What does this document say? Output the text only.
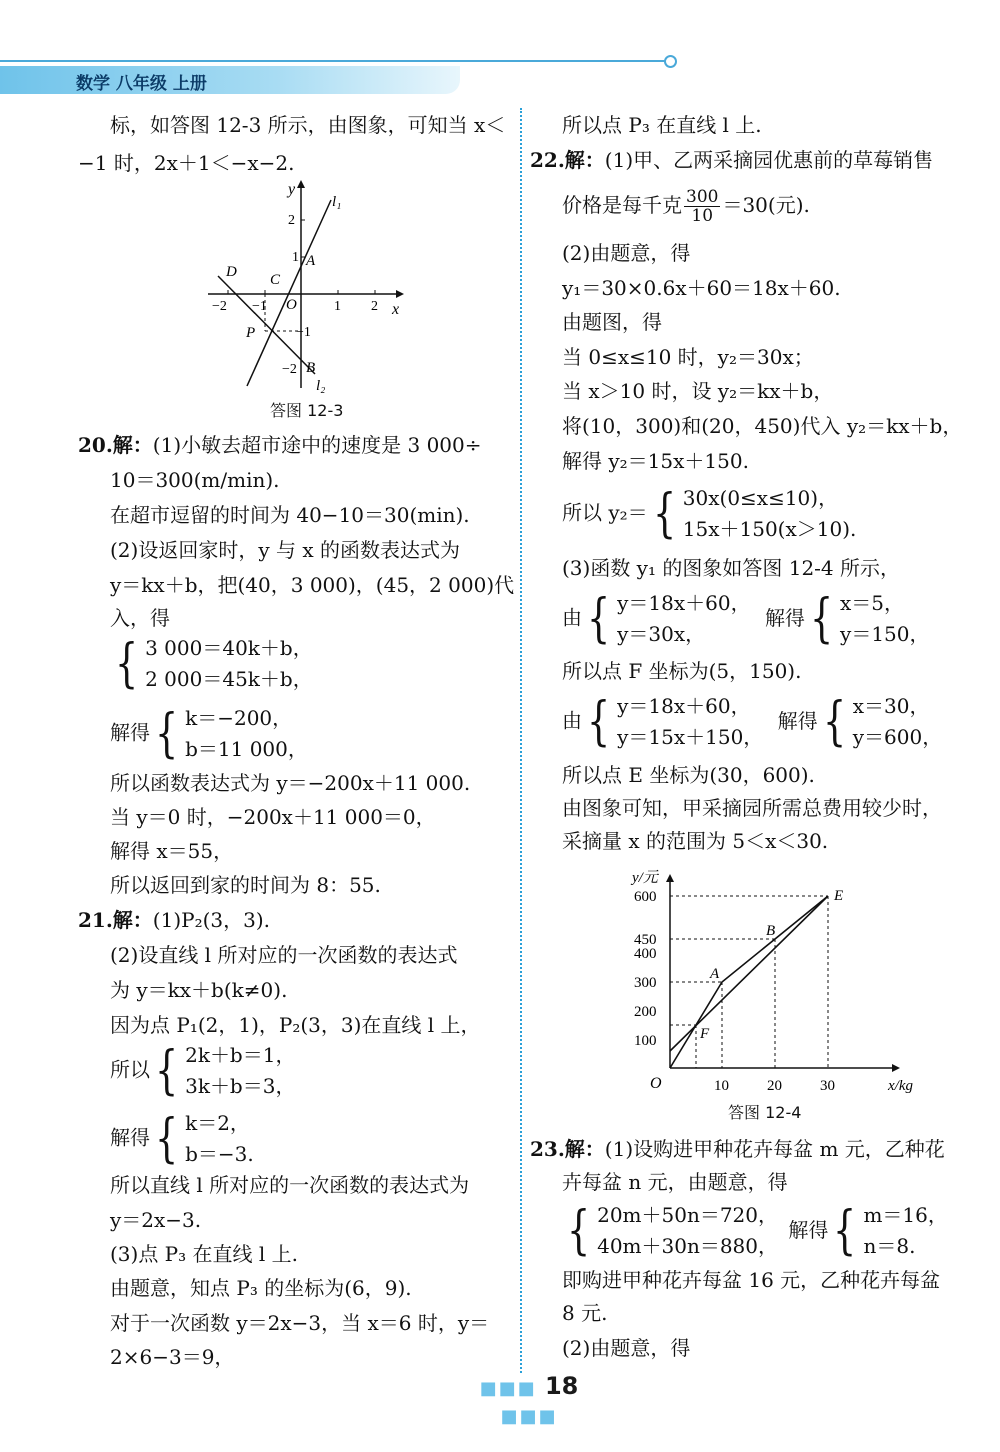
数学 八年级 上册
标，如答图 12-3 所示，由图象，可知当 x＜
−1 时，2x＋1＜−x−2.
y
x
l₁
l₂
A
B
C
D
P
O
2
1
−1
−2
−2 −1	1 2
答图 12-3
20.解：(1)小敏去超市途中的速度是 3 000÷
10＝300(m/min).
在超市逗留的时间为 40−10＝30(min).
(2)设返回家时，y 与 x 的函数表达式为
y＝kx＋b，把(40，3 000)，(45，2 000)代
入，得
{ 3 000＝40k＋b，
2 000＝45k＋b，
解得 { k＝−200，
b＝11 000，
所以函数表达式为 y＝−200x＋11 000.
当 y＝0 时，−200x＋11 000＝0，
解得 x＝55，
所以返回到家的时间为 8：55.
21.解：(1)P₂(3，3).
(2)设直线 l 所对应的一次函数的表达式
为 y＝kx＋b(k≠0).
因为点 P₁(2，1)，P₂(3，3)在直线 l 上，
所以 { 2k＋b＝1，
3k＋b＝3，
解得 { k＝2，
b＝−3.
所以直线 l 所对应的一次函数的表达式为
y＝2x−3.
(3)点 P₃ 在直线 l 上.
由题意，知点 P₃ 的坐标为(6，9).
对于一次函数 y＝2x−3，当 x＝6 时，y＝
2×6−3＝9，
所以点 P₃ 在直线 l 上.
22.解：(1)甲、乙两采摘园优惠前的草莓销售
价格是每千克 $\frac{300}{10} =30$(元).
(2)由题意，得
y₁＝30×0.6x＋60＝18x＋60.
由题图，得
当 0≤x≤10 时，y₂＝30x；
当 x＞10 时，设 y₂＝kx＋b，
将(10，300)和(20，450)代入 y₂＝kx＋b，
解得 y₂＝15x＋150.
所以 y₂＝ { 30x(0≤x≤10)，
15x＋150(x＞10).
(3)函数 y₁ 的图象如答图 12-4 所示，
由 { y＝18x＋60，
y＝30x，
解得 { x＝5，
y＝150，
所以点 F 坐标为(5，150).
由 { y＝18x＋60，
y＝15x＋150，
解得 { x＝30，
y＝600，
所以点 E 坐标为(30，600).
由图象可知，甲采摘园所需总费用较少时，
采摘量 x 的范围为 5＜x＜30.
y/元
x/kg
600
450
400
300
200
100
10	20	30
O
A
B
E
F
答图 12-4
23.解：(1)设购进甲种花卉每盆 m 元，乙种花
卉每盆 n 元，由题意，得
{ 20m＋50n＝720，
40m＋30n＝880，
解得 { m＝16，
n＝8.
即购进甲种花卉每盆 16 元，乙种花卉每盆
8 元.
(2)由题意，得
■■■ 18 ■■■
